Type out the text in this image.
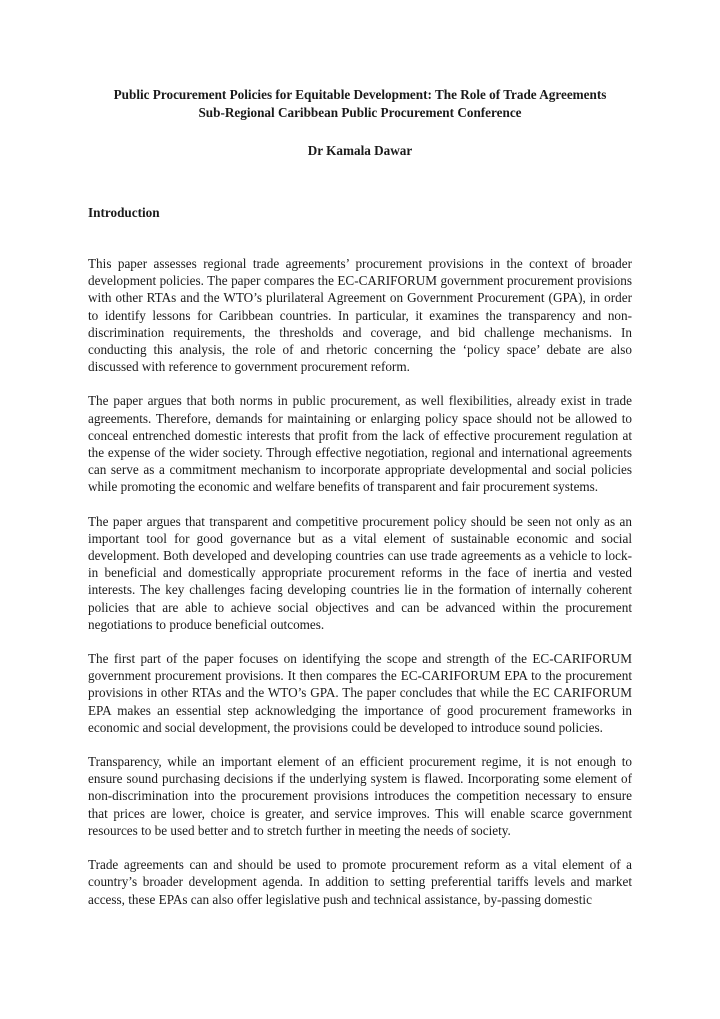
Public Procurement Policies for Equitable Development: The Role of Trade Agreements
Sub-Regional Caribbean Public Procurement Conference
Dr Kamala Dawar
Introduction

This paper assesses regional trade agreements’ procurement provisions in the context of broader development policies. The paper compares the EC-CARIFORUM government procurement provisions with other RTAs and the WTO’s plurilateral Agreement on Government Procurement (GPA), in order to identify lessons for Caribbean countries. In particular, it examines the transparency and non-discrimination requirements, the thresholds and coverage, and bid challenge mechanisms. In conducting this analysis, the role of and rhetoric concerning the ‘policy space’ debate are also discussed with reference to government procurement reform.

The paper argues that both norms in public procurement, as well flexibilities, already exist in trade agreements. Therefore, demands for maintaining or enlarging policy space should not be allowed to conceal entrenched domestic interests that profit from the lack of effective procurement regulation at the expense of the wider society. Through effective negotiation, regional and international agreements can serve as a commitment mechanism to incorporate appropriate developmental and social policies while promoting the economic and welfare benefits of transparent and fair procurement systems.

The paper argues that transparent and competitive procurement policy should be seen not only as an important tool for good governance but as a vital element of sustainable economic and social development. Both developed and developing countries can use trade agreements as a vehicle to lock-in beneficial and domestically appropriate procurement reforms in the face of inertia and vested interests. The key challenges facing developing countries lie in the formation of internally coherent policies that are able to achieve social objectives and can be advanced within the procurement negotiations to produce beneficial outcomes.

The first part of the paper focuses on identifying the scope and strength of the EC-CARIFORUM government procurement provisions. It then compares the EC-CARIFORUM EPA to the procurement provisions in other RTAs and the WTO’s GPA. The paper concludes that while the EC CARIFORUM EPA makes an essential step acknowledging the importance of good procurement frameworks in economic and social development, the provisions could be developed to introduce sound policies.

Transparency, while an important element of an efficient procurement regime, it is not enough to ensure sound purchasing decisions if the underlying system is flawed. Incorporating some element of non-discrimination into the procurement provisions introduces the competition necessary to ensure that prices are lower, choice is greater, and service improves. This will enable scarce government resources to be used better and to stretch further in meeting the needs of society.

Trade agreements can and should be used to promote procurement reform as a vital element of a country’s broader development agenda. In addition to setting preferential tariffs levels and market access, these EPAs can also offer legislative push and technical assistance, by-passing domestic
